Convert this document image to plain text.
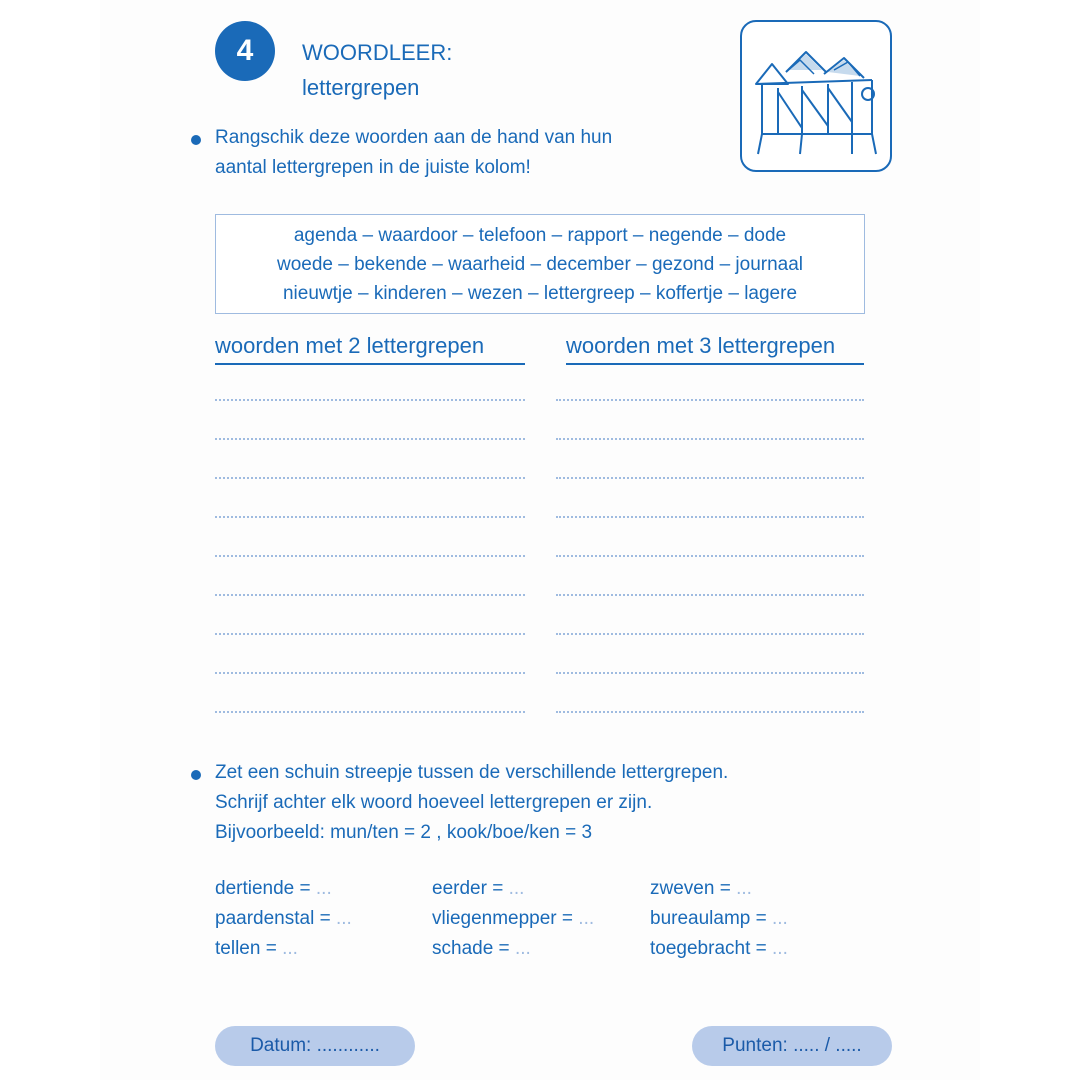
4 WOORDLEER:
lettergrepen
Rangschik deze woorden aan de hand van hun
aantal lettergrepen in de juiste kolom!
agenda – waardoor – telefoon – rapport – negende – dode
woede – bekende – waarheid – december – gezond – journaal
nieuwtje – kinderen – wezen – lettergreep – koffertje – lagere
woorden met 2 lettergrepen	woorden met 3 lettergrepen
Zet een schuin streepje tussen de verschillende lettergrepen.
Schrijf achter elk woord hoeveel lettergrepen er zijn.
Bijvoorbeeld: mun/ten = 2 , kook/boe/ken = 3
dertiende = ...
paardenstal = ...
tellen = ...
eerder = ...
vliegenmepper = ...
schade = ...
zweven = ...
bureaulamp = ...
toegebracht = ...
Datum: ............	Punten: ..... / .....
